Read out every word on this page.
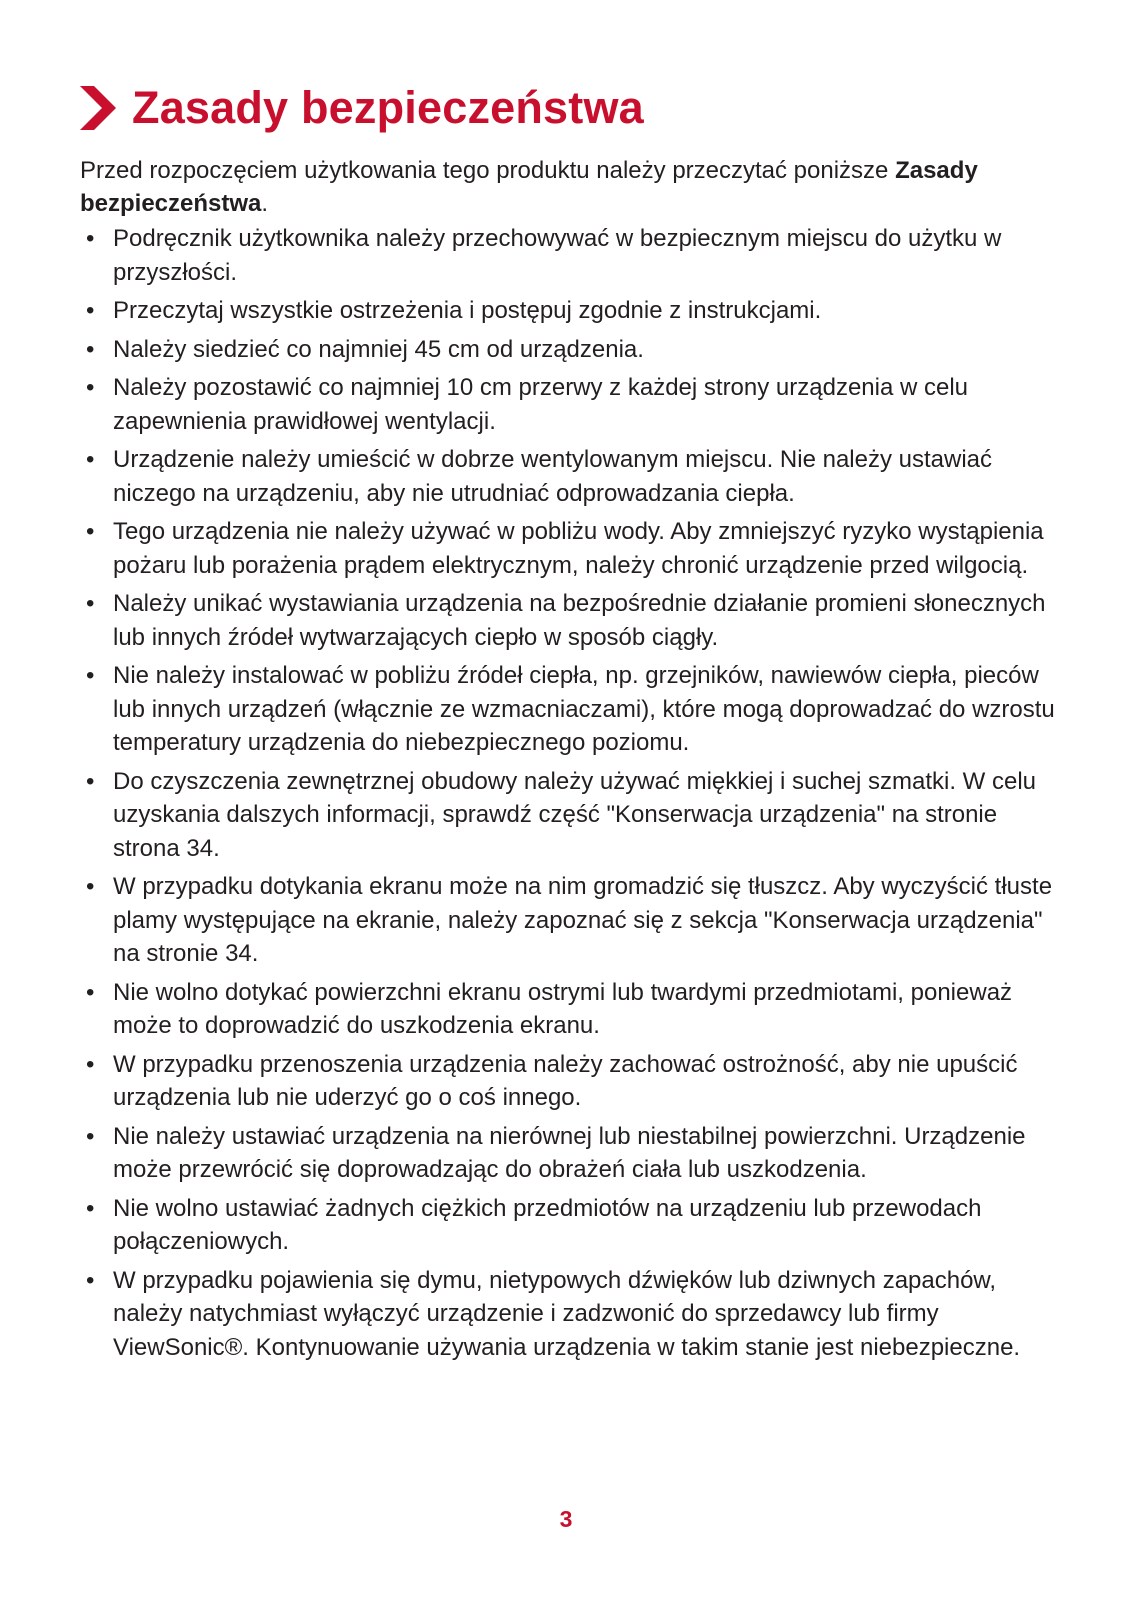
Zasady bezpieczeństwa

Przed rozpoczęciem użytkowania tego produktu należy przeczytać poniższe Zasady bezpieczeństwa.

• Podręcznik użytkownika należy przechowywać w bezpiecznym miejscu do użytku w przyszłości.
• Przeczytaj wszystkie ostrzeżenia i postępuj zgodnie z instrukcjami.
• Należy siedzieć co najmniej 45 cm od urządzenia.
• Należy pozostawić co najmniej 10 cm przerwy z każdej strony urządzenia w celu zapewnienia prawidłowej wentylacji.
• Urządzenie należy umieścić w dobrze wentylowanym miejscu. Nie należy ustawiać niczego na urządzeniu, aby nie utrudniać odprowadzania ciepła.
• Tego urządzenia nie należy używać w pobliżu wody. Aby zmniejszyć ryzyko wystąpienia pożaru lub porażenia prądem elektrycznym, należy chronić urządzenie przed wilgocią.
• Należy unikać wystawiania urządzenia na bezpośrednie działanie promieni słonecznych lub innych źródeł wytwarzających ciepło w sposób ciągły.
• Nie należy instalować w pobliżu źródeł ciepła, np. grzejników, nawiewów ciepła, pieców lub innych urządzeń (włącznie ze wzmacniaczami), które mogą doprowadzać do wzrostu temperatury urządzenia do niebezpiecznego poziomu.
• Do czyszczenia zewnętrznej obudowy należy używać miękkiej i suchej szmatki. W celu uzyskania dalszych informacji, sprawdź część "Konserwacja urządzenia" na stronie strona 34.
• W przypadku dotykania ekranu może na nim gromadzić się tłuszcz. Aby wyczyścić tłuste plamy występujące na ekranie, należy zapoznać się z sekcja "Konserwacja urządzenia" na stronie 34.
• Nie wolno dotykać powierzchni ekranu ostrymi lub twardymi przedmiotami, ponieważ może to doprowadzić do uszkodzenia ekranu.
• W przypadku przenoszenia urządzenia należy zachować ostrożność, aby nie upuścić urządzenia lub nie uderzyć go o coś innego.
• Nie należy ustawiać urządzenia na nierównej lub niestabilnej powierzchni. Urządzenie może przewrócić się doprowadzając do obrażeń ciała lub uszkodzenia.
• Nie wolno ustawiać żadnych ciężkich przedmiotów na urządzeniu lub przewodach połączeniowych.
• W przypadku pojawienia się dymu, nietypowych dźwięków lub dziwnych zapachów, należy natychmiast wyłączyć urządzenie i zadzwonić do sprzedawcy lub firmy ViewSonic®. Kontynuowanie używania urządzenia w takim stanie jest niebezpieczne.
3
